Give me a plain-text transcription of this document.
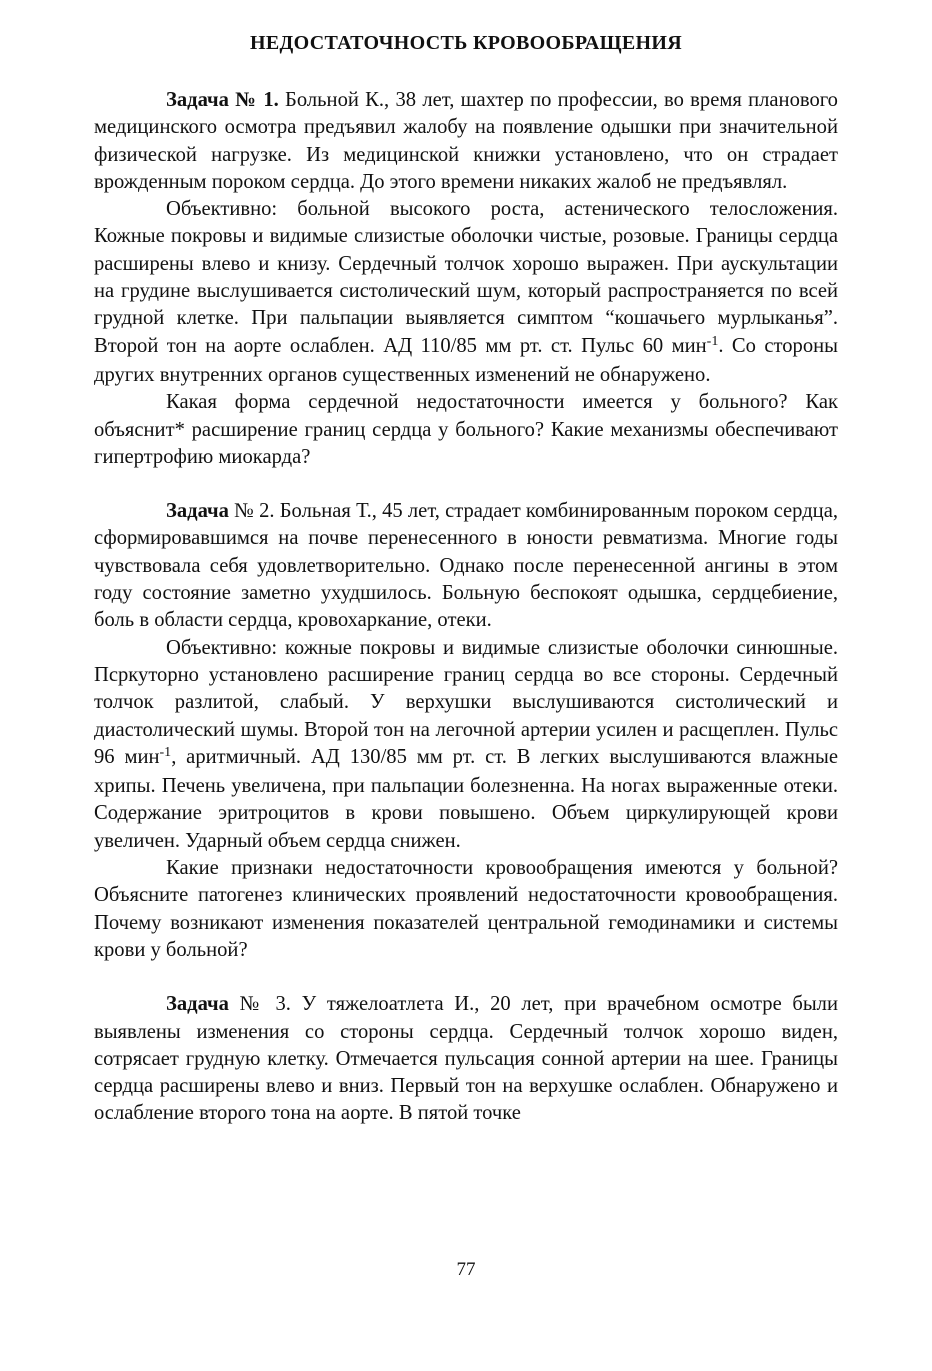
НЕДОСТАТОЧНОСТЬ КРОВООБРАЩЕНИЯ

Задача № 1. Больной К., 38 лет, шахтер по профессии, во время планового медицинского осмотра предъявил жалобу на появление одышки при значительной физической нагрузке. Из медицинской книжки установлено, что он страдает врожденным пороком сердца. До этого времени никаких жалоб не предъявлял.

Объективно: больной высокого роста, астенического телосложения. Кожные покровы и видимые слизистые оболочки чистые, розовые. Границы сердца расширены влево и книзу. Сердечный толчок хорошо выражен. При аускультации на грудине выслушивается систолический шум, который распространяется по всей грудной клетке. При пальпации выявляется симптом “кошачьего мурлыканья”. Второй тон на аорте ослаблен. АД 110/85 мм рт. ст. Пульс 60 мин$^{-1}$. Со стороны других внутренних органов существенных изменений не обнаружено.

Какая форма сердечной недостаточности имеется у больного? Как объяснит* расширение границ сердца у больного? Какие механизмы обеспечивают гипертрофию миокарда?

Задача № 2. Больная Т., 45 лет, страдает комбинированным пороком сердца, сформировавшимся на почве перенесенного в юности ревматизма. Многие годы чувствовала себя удовлетворительно. Однако после перенесенной ангины в этом году состояние заметно ухудшилось. Больную беспокоят одышка, сердцебиение, боль в области сердца, кровохаркание, отеки.

Объективно: кожные покровы и видимые слизистые оболочки синюшные. Псркуторно установлено расширение границ сердца во все стороны. Сердечный толчок разлитой, слабый. У верхушки выслушиваются систолический и диастолический шумы. Второй тон на легочной артерии усилен и расщеплен. Пульс 96 мин$^{-1}$, аритмичный. АД 130/85 мм рт. ст. В легких выслушиваются влажные хрипы. Печень увеличена, при пальпации болезненна. На ногах выраженные отеки. Содержание эритроцитов в крови повышено. Объем циркулирующей крови увеличен. Ударный объем сердца снижен.

Какие признаки недостаточности кровообращения имеются у больной? Объясните патогенез клинических проявлений недостаточности кровообращения. Почему возникают изменения показателей центральной гемодинамики и системы крови у больной?

Задача № 3. У тяжелоатлета И., 20 лет, при врачебном осмотре были выявлены изменения со стороны сердца. Сердечный толчок хорошо виден, сотрясает грудную клетку. Отмечается пульсация сонной артерии на шее. Границы сердца расширены влево и вниз. Первый тон на верхушке ослаблен. Обнаружено и ослабление второго тона на аорте. В пятой точке

77
